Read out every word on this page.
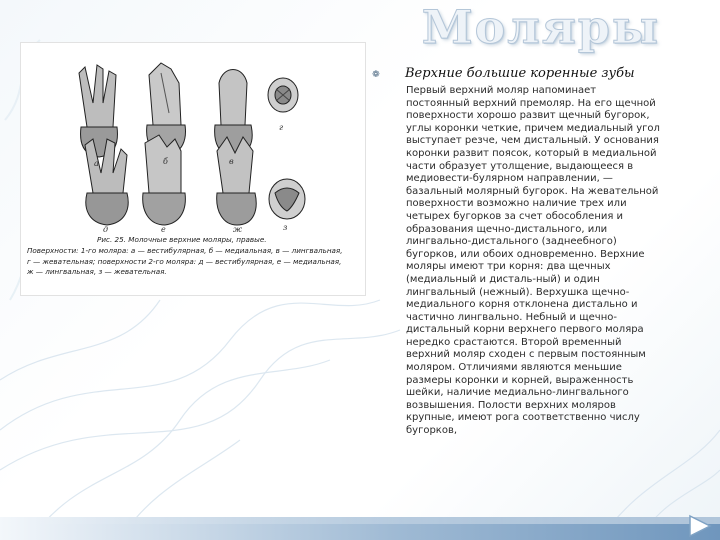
Моляры
а	б	в
г
д	е	ж	з

Рис. 25. Молочные верхние моляры, правые.

Поверхности: 1-го моляра: а — вестибулярная, б — медиальная, в — лингвальная,

г — жевательная; поверхности 2-го моляра: д — вестибулярная, е — медиальная,

ж — лингвальная, з — жевательная.

❁ Верхние большие коренные зубы

Первый верхний моляр напоминает

постоянный верхний премоляр. На его щечной

поверхности хорошо развит щечный бугорок,

углы коронки четкие, причем медиальный угол

выступает резче, чем дистальный. У основания

коронки развит поясок, который в медиальной

части образует утолщение, выдающееся в

медиовести-булярном направлении, —

базальный молярный бугорок. На жевательной

поверхности возможно наличие трех или

четырех бугорков за счет обособления и

образования щечно-дистального, или

лингвально-дистального (заднеебного)

бугорков, или обоих одновременно. Верхние

моляры имеют три корня: два щечных

(медиальный и дисталь-ный) и один

лингвальный (нежный). Верхушка щечно-

медиального корня отклонена дистально и

частично лингвально. Небный и щечно-

дистальный корни верхнего первого моляра

нередко срастаются. Второй временный

верхний моляр сходен с первым постоянным

моляром. Отличиями являются меньшие

размеры коронки и корней, выраженность

шейки, наличие медиально-лингвального

возвышения. Полости верхних моляров

крупные, имеют рога соответственно числу

бугорков,
